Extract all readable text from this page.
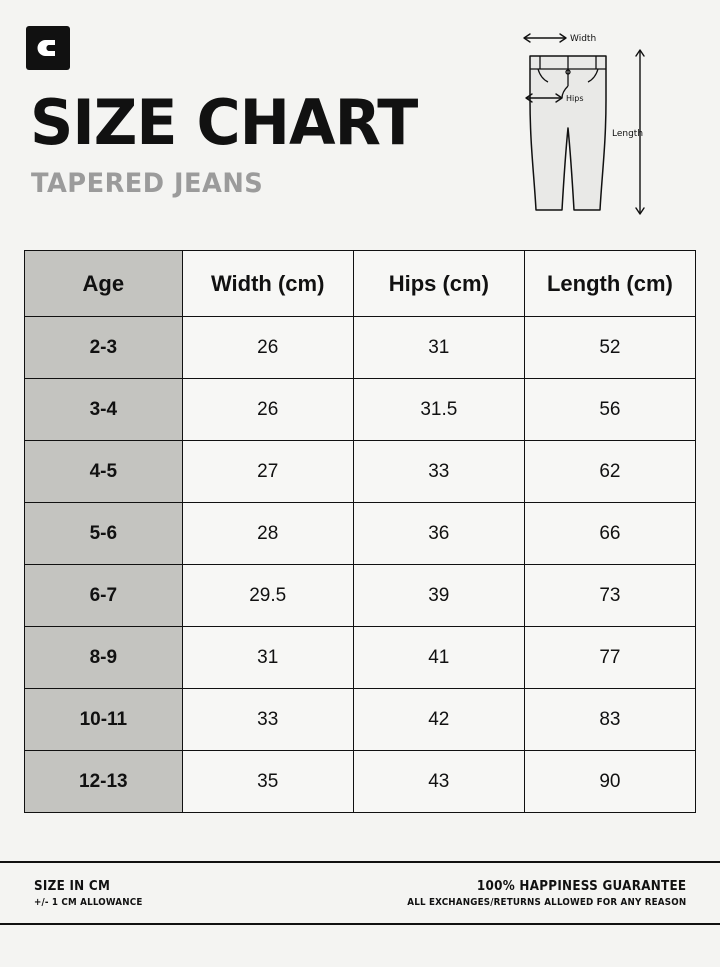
SIZE CHART
TAPERED JEANS
Width
Hips
Length
Age	Width (cm)	Hips (cm)	Length (cm)
2-3	26	31	52
3-4	26	31.5	56
4-5	27	33	62
5-6	28	36	66
6-7	29.5	39	73
8-9	31	41	77
10-11	33	42	83
12-13	35	43	90
SIZE IN CM
+/- 1 CM ALLOWANCE
100% HAPPINESS GUARANTEE
ALL EXCHANGES/RETURNS ALLOWED FOR ANY REASON
